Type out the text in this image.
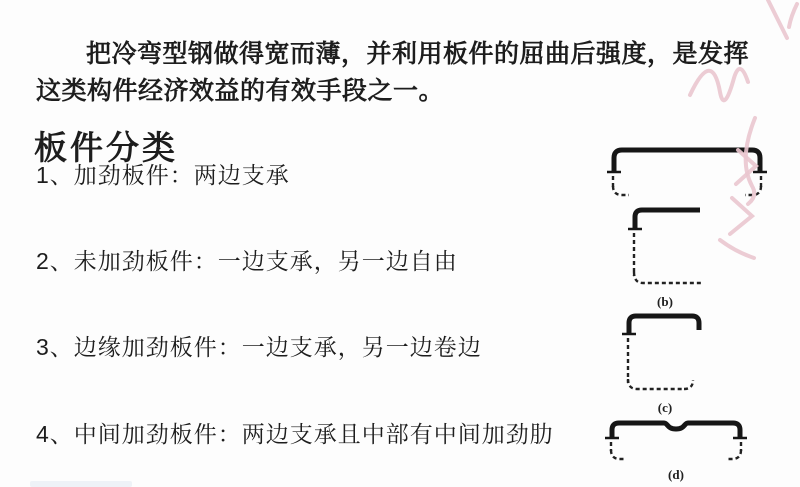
把冷弯型钢做得宽而薄，并利用板件的屈曲后强度，是发挥这类构件经济效益的有效手段之一。

板件分类
1、加劲板件：两边支承
2、未加劲板件：一边支承，另一边自由
3、边缘加劲板件：一边支承，另一边卷边
4、中间加劲板件：两边支承且中部有中间加劲肋
(b)
(c)
(d)
